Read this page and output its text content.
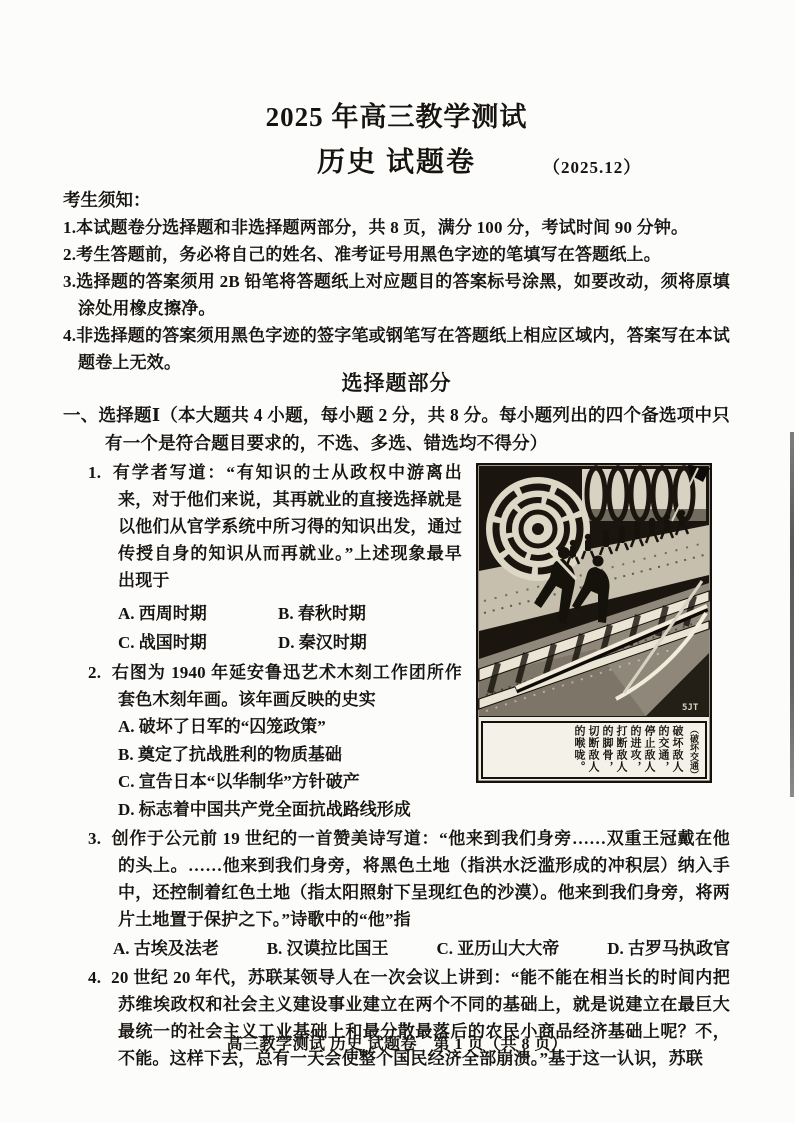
2025 年高三教学测试
历史 试题卷	（2025.12）
考生须知：
1.本试题卷分选择题和非选择题两部分，共 8 页，满分 100 分，考试时间 90 分钟。
2.考生答题前，务必将自己的姓名、准考证号用黑色字迹的笔填写在答题纸上。
3.选择题的答案须用 2B 铅笔将答题纸上对应题目的答案标号涂黑，如要改动，须将原填涂处用橡皮擦净。
4.非选择题的答案须用黑色字迹的签字笔或钢笔写在答题纸上相应区域内，答案写在本试题卷上无效。
选择题部分
一、选择题Ⅰ（本大题共 4 小题，每小题 2 分，共 8 分。每小题列出的四个备选项中只有一个是符合题目要求的，不选、多选、错选均不得分）
5JT
（破坏交通）
破坏敌人
的交通，
停止敌人
的进攻，
打断敌人
的脚骨，
切断敌人
的喉咙。
1. 有学者写道：“有知识的士从政权中游离出来，对于他们来说，其再就业的直接选择就是以他们从官学系统中所习得的知识出发，通过传授自身的知识从而再就业。”上述现象最早出现于
A. 西周时期	B. 春秋时期
C. 战国时期	D. 秦汉时期
2. 右图为 1940 年延安鲁迅艺术木刻工作团所作套色木刻年画。该年画反映的史实
A. 破坏了日军的“囚笼政策”
B. 奠定了抗战胜利的物质基础
C. 宣告日本“以华制华”方针破产
D. 标志着中国共产党全面抗战路线形成
3. 创作于公元前 19 世纪的一首赞美诗写道：“他来到我们身旁……双重王冠戴在他的头上。……他来到我们身旁，将黑色土地（指洪水泛滥形成的冲积层）纳入手中，还控制着红色土地（指太阳照射下呈现红色的沙漠）。他来到我们身旁，将两片土地置于保护之下。”诗歌中的“他”指
A. 古埃及法老	B. 汉谟拉比国王	C. 亚历山大大帝	D. 古罗马执政官
4. 20 世纪 20 年代，苏联某领导人在一次会议上讲到：“能不能在相当长的时间内把苏维埃政权和社会主义建设事业建立在两个不同的基础上，就是说建立在最巨大最统一的社会主义工业基础上和最分散最落后的农民小商品经济基础上呢？不，不能。这样下去，总有一天会使整个国民经济全部崩溃。”基于这一认识，苏联
高三教学测试 历史 试题卷　第 1 页（共 8 页）
